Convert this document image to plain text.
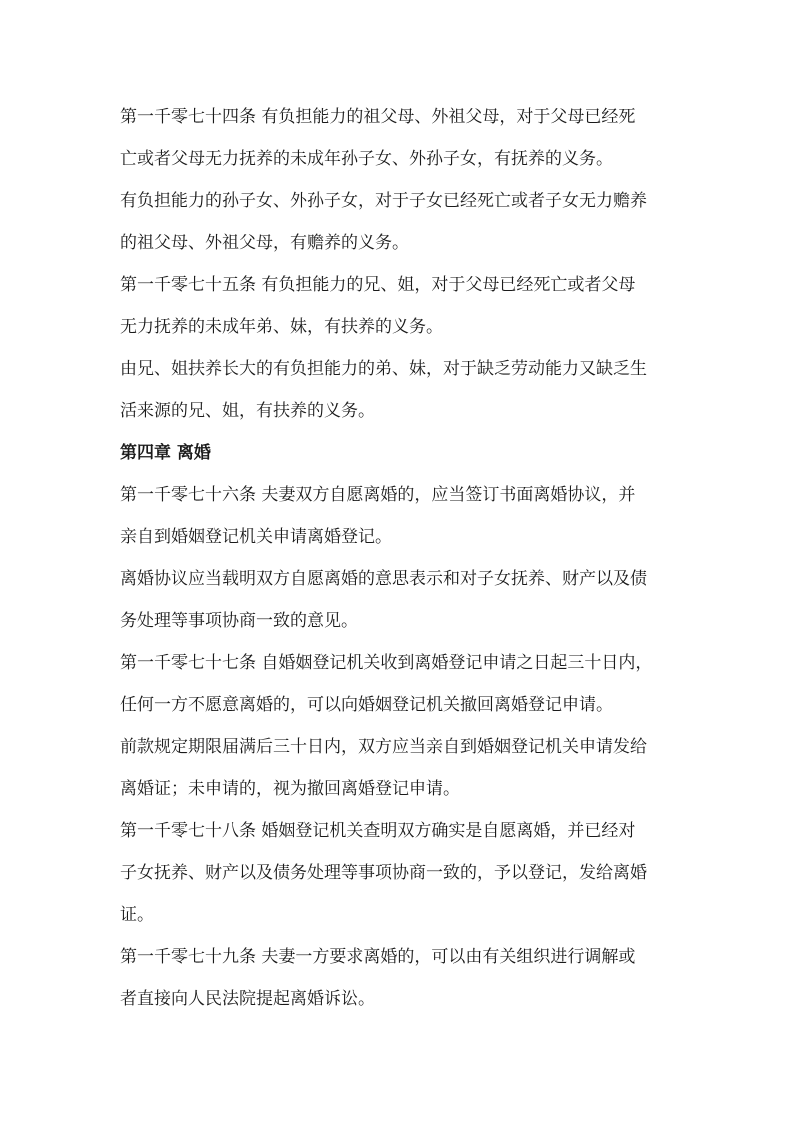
第一千零七十四条 有负担能力的祖父母、外祖父母，对于父母已经死
亡或者父母无力抚养的未成年孙子女、外孙子女，有抚养的义务。

有负担能力的孙子女、外孙子女，对于子女已经死亡或者子女无力赡养
的祖父母、外祖父母，有赡养的义务。

第一千零七十五条 有负担能力的兄、姐，对于父母已经死亡或者父母
无力抚养的未成年弟、妹，有扶养的义务。

由兄、姐扶养长大的有负担能力的弟、妹，对于缺乏劳动能力又缺乏生
活来源的兄、姐，有扶养的义务。

第四章 离婚

第一千零七十六条 夫妻双方自愿离婚的，应当签订书面离婚协议，并
亲自到婚姻登记机关申请离婚登记。

离婚协议应当载明双方自愿离婚的意思表示和对子女抚养、财产以及债
务处理等事项协商一致的意见。

第一千零七十七条 自婚姻登记机关收到离婚登记申请之日起三十日内，
任何一方不愿意离婚的，可以向婚姻登记机关撤回离婚登记申请。

前款规定期限届满后三十日内，双方应当亲自到婚姻登记机关申请发给
离婚证；未申请的，视为撤回离婚登记申请。

第一千零七十八条 婚姻登记机关查明双方确实是自愿离婚，并已经对
子女抚养、财产以及债务处理等事项协商一致的，予以登记，发给离婚
证。

第一千零七十九条 夫妻一方要求离婚的，可以由有关组织进行调解或
者直接向人民法院提起离婚诉讼。
